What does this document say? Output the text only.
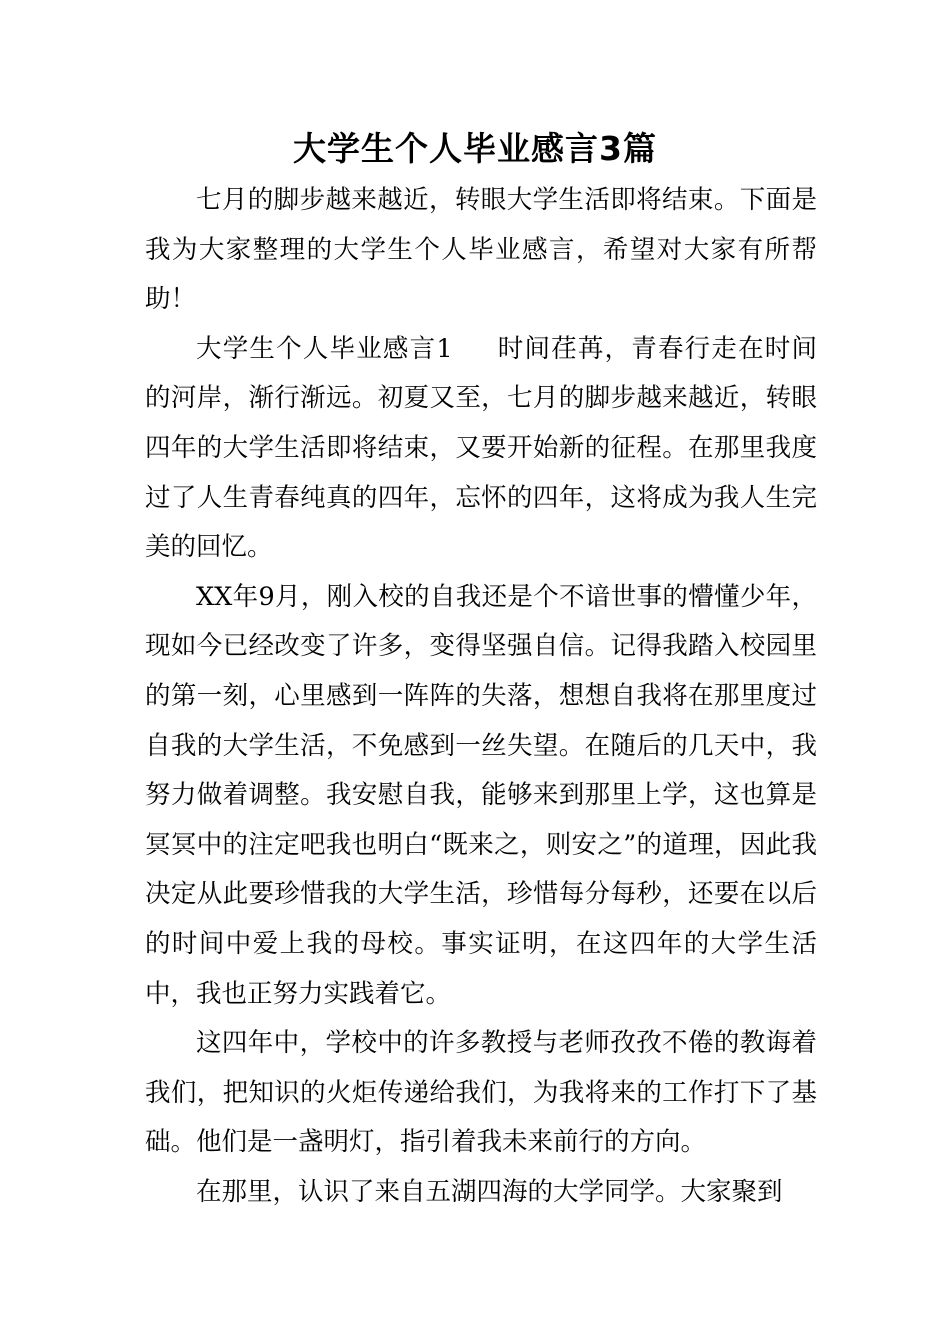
大学生个人毕业感言3篇

七月的脚步越来越近，转眼大学生活即将结束。下面是我为大家整理的大学生个人毕业感言，希望对大家有所帮助！

大学生个人毕业感言1 时间荏苒，青春行走在时间的河岸，渐行渐远。初夏又至，七月的脚步越来越近，转眼四年的大学生活即将结束，又要开始新的征程。在那里我度过了人生青春纯真的四年，忘怀的四年，这将成为我人生完美的回忆。

XX年9月，刚入校的自我还是个不谙世事的懵懂少年，现如今已经改变了许多，变得坚强自信。记得我踏入校园里的第一刻，心里感到一阵阵的失落，想想自我将在那里度过自我的大学生活，不免感到一丝失望。在随后的几天中，我努力做着调整。我安慰自我，能够来到那里上学，这也算是冥冥中的注定吧我也明白“既来之，则安之”的道理，因此我决定从此要珍惜我的大学生活，珍惜每分每秒，还要在以后的时间中爱上我的母校。事实证明，在这四年的大学生活中，我也正努力实践着它。

这四年中，学校中的许多教授与老师孜孜不倦的教诲着我们，把知识的火炬传递给我们，为我将来的工作打下了基础。他们是一盏明灯，指引着我未来前行的方向。

在那里，认识了来自五湖四海的大学同学。大家聚到
